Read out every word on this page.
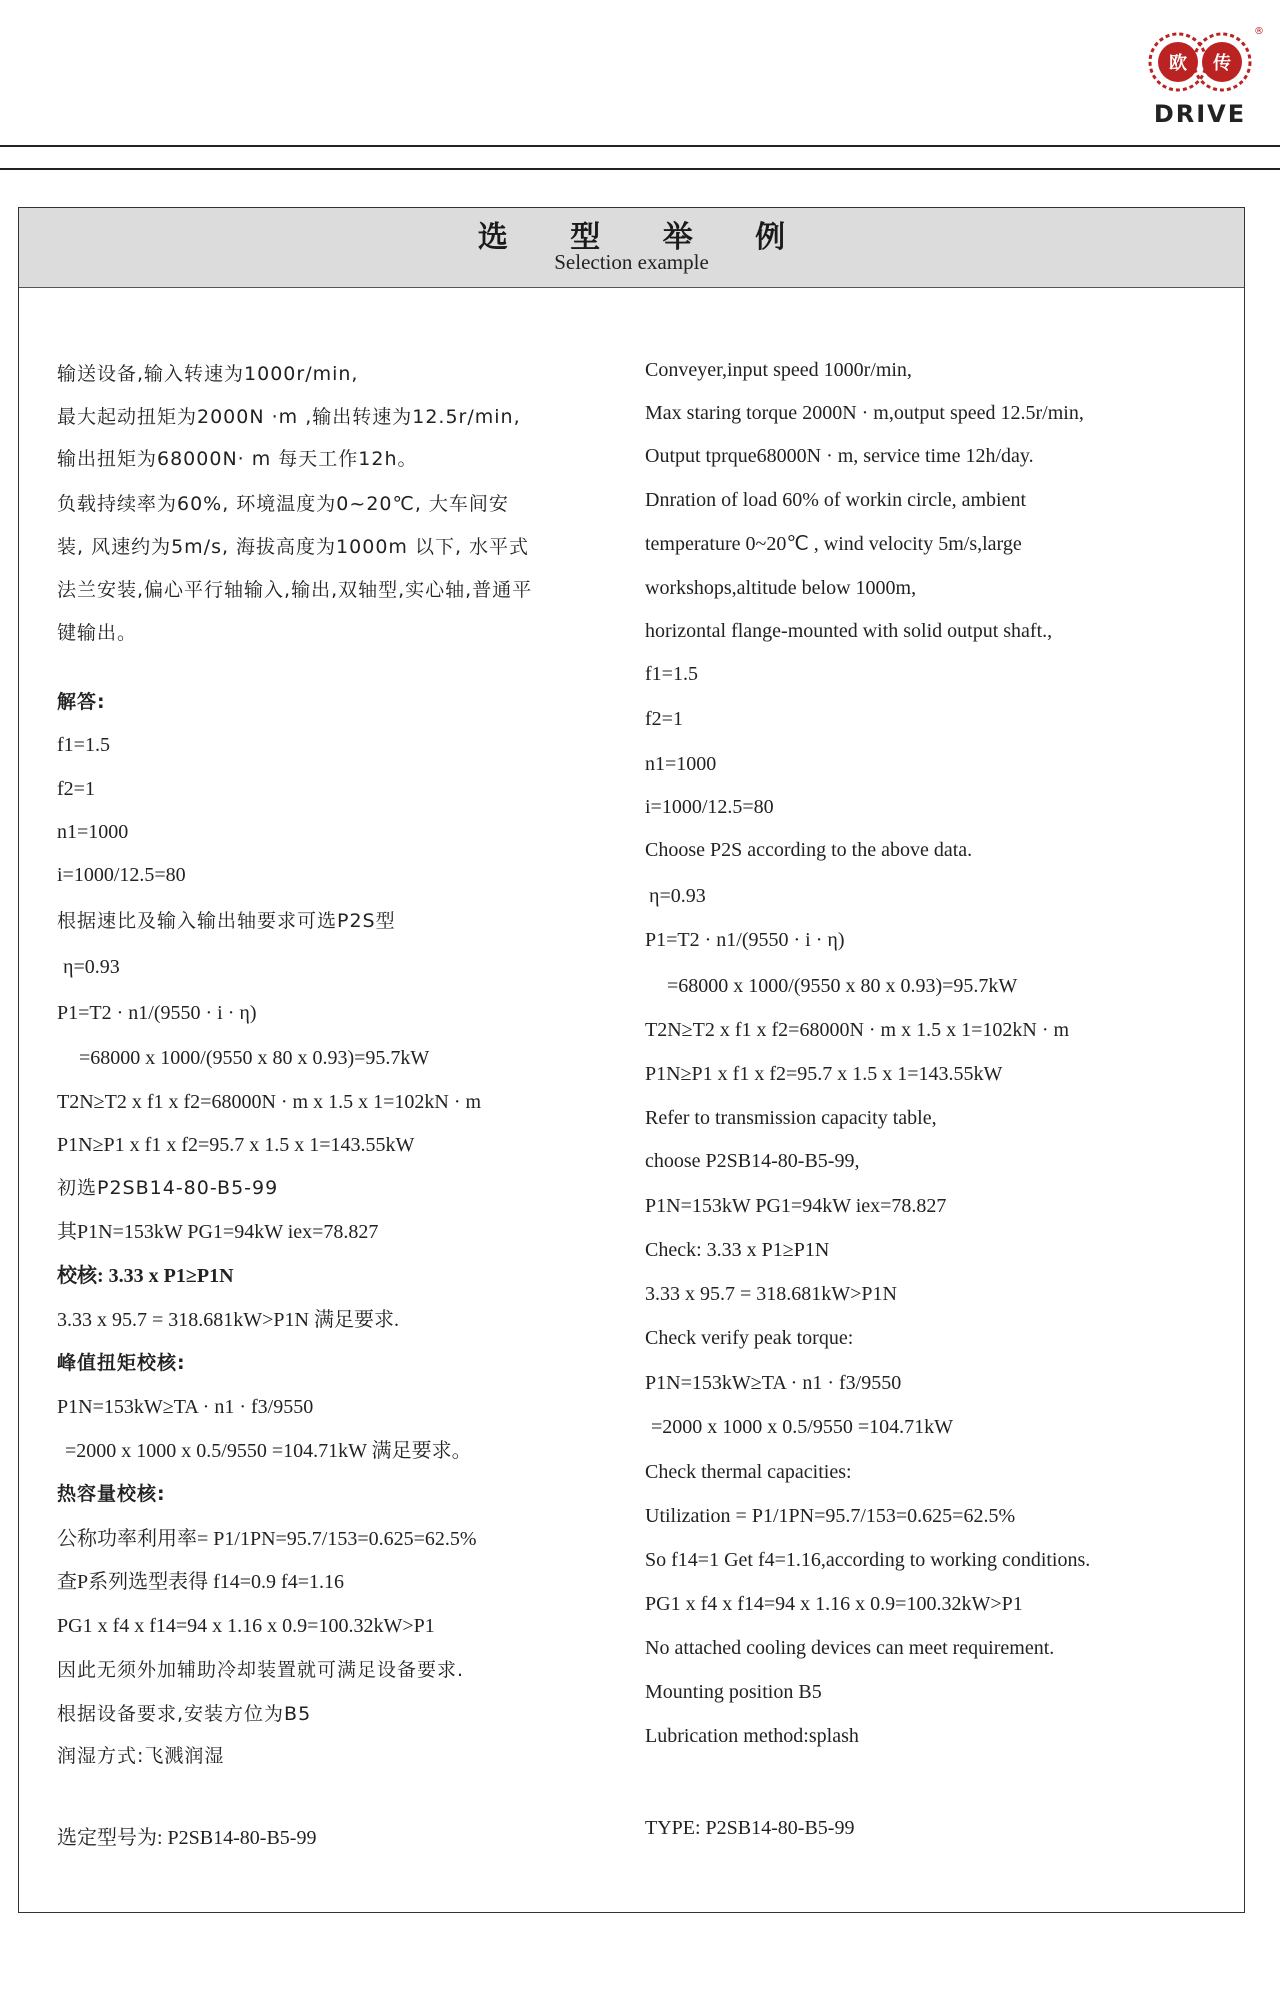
欧 传
®
DRIVE
选 型 举 例
Selection example
输送设备,输入转速为1000r/min,
最大起动扭矩为2000N ·m ,输出转速为12.5r/min,
输出扭矩为68000N· m 每天工作12h。
负载持续率为60%, 环境温度为0~20℃, 大车间安
装, 风速约为5m/s, 海拔高度为1000m 以下, 水平式
法兰安装,偏心平行轴输入,输出,双轴型,实心轴,普通平
键输出。
解答:
f1=1.5
f2=1
n1=1000
i=1000/12.5=80
根据速比及输入输出轴要求可选P2S型
η=0.93
P1=T2 · n1/(9550 · i · η)
=68000 x 1000/(9550 x 80 x 0.93)=95.7kW
T2N≥T2 x f1 x f2=68000N · m x 1.5 x 1=102kN · m
P1N≥P1 x f1 x f2=95.7 x 1.5 x 1=143.55kW
初选P2SB14-80-B5-99
其P1N=153kW PG1=94kW iex=78.827
校核: 3.33 x P1≥P1N
3.33 x 95.7 = 318.681kW>P1N 满足要求.
峰值扭矩校核:
P1N=153kW≥TA · n1 · f3/9550
=2000 x 1000 x 0.5/9550 =104.71kW 满足要求。
热容量校核:
公称功率利用率= P1/1PN=95.7/153=0.625=62.5%
查P系列选型表得 f14=0.9 f4=1.16
PG1 x f4 x f14=94 x 1.16 x 0.9=100.32kW>P1
因此无须外加辅助冷却装置就可满足设备要求.
根据设备要求,安装方位为B5
润湿方式:飞溅润湿
选定型号为: P2SB14-80-B5-99
Conveyer,input speed 1000r/min,
Max staring torque 2000N · m,output speed 12.5r/min,
Output tprque68000N · m, service time 12h/day.
Dnration of load 60% of workin circle, ambient
temperature 0~20℃ , wind velocity 5m/s,large
workshops,altitude below 1000m,
horizontal flange-mounted with solid output shaft.,
f1=1.5
f2=1
n1=1000
i=1000/12.5=80
Choose P2S according to the above data.
η=0.93
P1=T2 · n1/(9550 · i · η)
=68000 x 1000/(9550 x 80 x 0.93)=95.7kW
T2N≥T2 x f1 x f2=68000N · m x 1.5 x 1=102kN · m
P1N≥P1 x f1 x f2=95.7 x 1.5 x 1=143.55kW
Refer to transmission capacity table,
choose P2SB14-80-B5-99,
P1N=153kW PG1=94kW iex=78.827
Check: 3.33 x P1≥P1N
3.33 x 95.7 = 318.681kW>P1N
Check verify peak torque:
P1N=153kW≥TA · n1 · f3/9550
=2000 x 1000 x 0.5/9550 =104.71kW
Check thermal capacities:
Utilization = P1/1PN=95.7/153=0.625=62.5%
So f14=1 Get f4=1.16,according to working conditions.
PG1 x f4 x f14=94 x 1.16 x 0.9=100.32kW>P1
No attached cooling devices can meet requirement.
Mounting position B5
Lubrication method:splash
TYPE: P2SB14-80-B5-99
